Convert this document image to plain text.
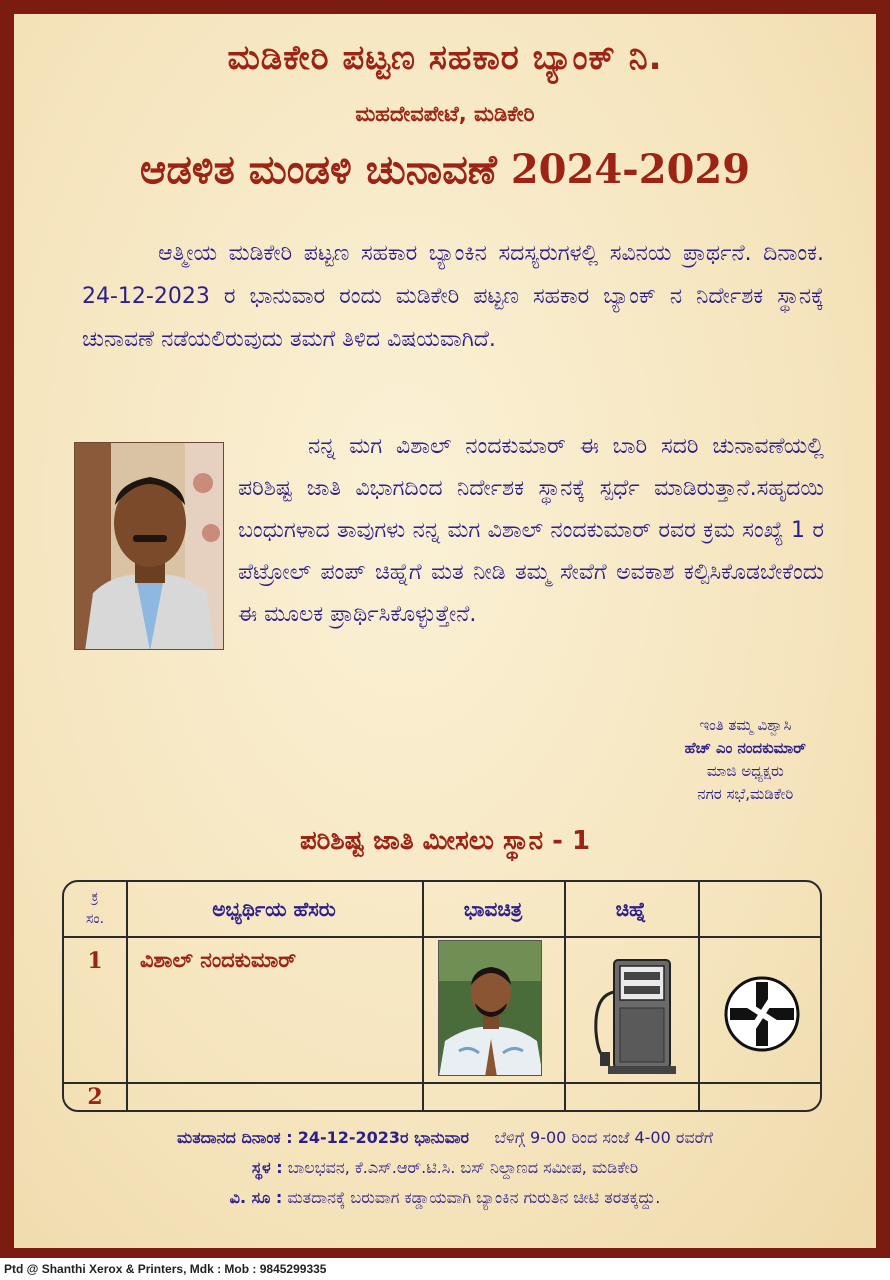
ಮಡಿಕೇರಿ ಪಟ್ಟಣ ಸಹಕಾರ ಬ್ಯಾಂಕ್ ನಿ.
ಮಹದೇವಪೇಟೆ, ಮಡಿಕೇರಿ
ಆಡಳಿತ ಮಂಡಳಿ ಚುನಾವಣೆ 2024-2029

ಆತ್ಮೀಯ ಮಡಿಕೇರಿ ಪಟ್ಟಣ ಸಹಕಾರ ಬ್ಯಾಂಕಿನ ಸದಸ್ಯರುಗಳಲ್ಲಿ ಸವಿನಯ ಪ್ರಾರ್ಥನೆ. ದಿನಾಂಕ. 24-12-2023 ರ ಭಾನುವಾರ ರಂದು ಮಡಿಕೇರಿ ಪಟ್ಟಣ ಸಹಕಾರ ಬ್ಯಾಂಕ್ ನ ನಿರ್ದೇಶಕ ಸ್ಥಾನಕ್ಕೆ ಚುನಾವಣೆ ನಡೆಯಲಿರುವುದು ತಮಗೆ ತಿಳಿದ ವಿಷಯವಾಗಿದೆ.

ನನ್ನ ಮಗ ವಿಶಾಲ್ ನಂದಕುಮಾರ್ ಈ ಬಾರಿ ಸದರಿ ಚುನಾವಣೆಯಲ್ಲಿ ಪರಿಶಿಷ್ಟ ಜಾತಿ ವಿಭಾಗದಿಂದ ನಿರ್ದೇಶಕ ಸ್ಥಾನಕ್ಕೆ ಸ್ಪರ್ಧೆ ಮಾಡಿರುತ್ತಾನೆ.ಸಹೃದಯಿ ಬಂಧುಗಳಾದ ತಾವುಗಳು ನನ್ನ ಮಗ ವಿಶಾಲ್ ನಂದಕುಮಾರ್ ರವರ ಕ್ರಮ ಸಂಖ್ಯೆ 1 ರ ಪೆಟ್ರೋಲ್ ಪಂಪ್ ಚಿಹ್ನೆಗೆ ಮತ ನೀಡಿ ತಮ್ಮ ಸೇವೆಗೆ ಅವಕಾಶ ಕಲ್ಪಿಸಿಕೊಡಬೇಕೆಂದು ಈ ಮೂಲಕ ಪ್ರಾರ್ಥಿಸಿಕೊಳ್ಳುತ್ತೇನೆ.

ಇಂತಿ ತಮ್ಮ ವಿಶ್ವಾಸಿ
ಹೆಚ್ ಎಂ ನಂದಕುಮಾರ್
ಮಾಜಿ ಅಧ್ಯಕ್ಷರು
ನಗರ ಸಭೆ,ಮಡಿಕೇರಿ
ಪರಿಶಿಷ್ಟ ಜಾತಿ ಮೀಸಲು ಸ್ಥಾನ - 1
ಕ್ರ
ಸಂ.	ಅಭ್ಯರ್ಥಿಯ ಹೆಸರು	ಭಾವಚಿತ್ರ	ಚಿಹ್ನೆ
1	ವಿಶಾಲ್ ನಂದಕುಮಾರ್
2
ಮತದಾನದ ದಿನಾಂಕ : 24-12-2023ರ ಭಾನುವಾರ ಬೆಳಿಗ್ಗೆ 9-00 ರಿಂದ ಸಂಜೆ 4-00 ರವರೆಗೆ
ಸ್ಥಳ : ಬಾಲಭವನ, ಕೆ.ಎಸ್.ಆರ್.ಟಿ.ಸಿ. ಬಸ್ ನಿಲ್ದಾಣದ ಸಮೀಪ, ಮಡಿಕೇರಿ
ವಿ. ಸೂ : ಮತದಾನಕ್ಕೆ ಬರುವಾಗ ಕಡ್ಡಾಯವಾಗಿ ಬ್ಯಾಂಕಿನ ಗುರುತಿನ ಚೀಟಿ ತರತಕ್ಕದ್ದು.
Ptd @ Shanthi Xerox & Printers, Mdk : Mob : 9845299335
